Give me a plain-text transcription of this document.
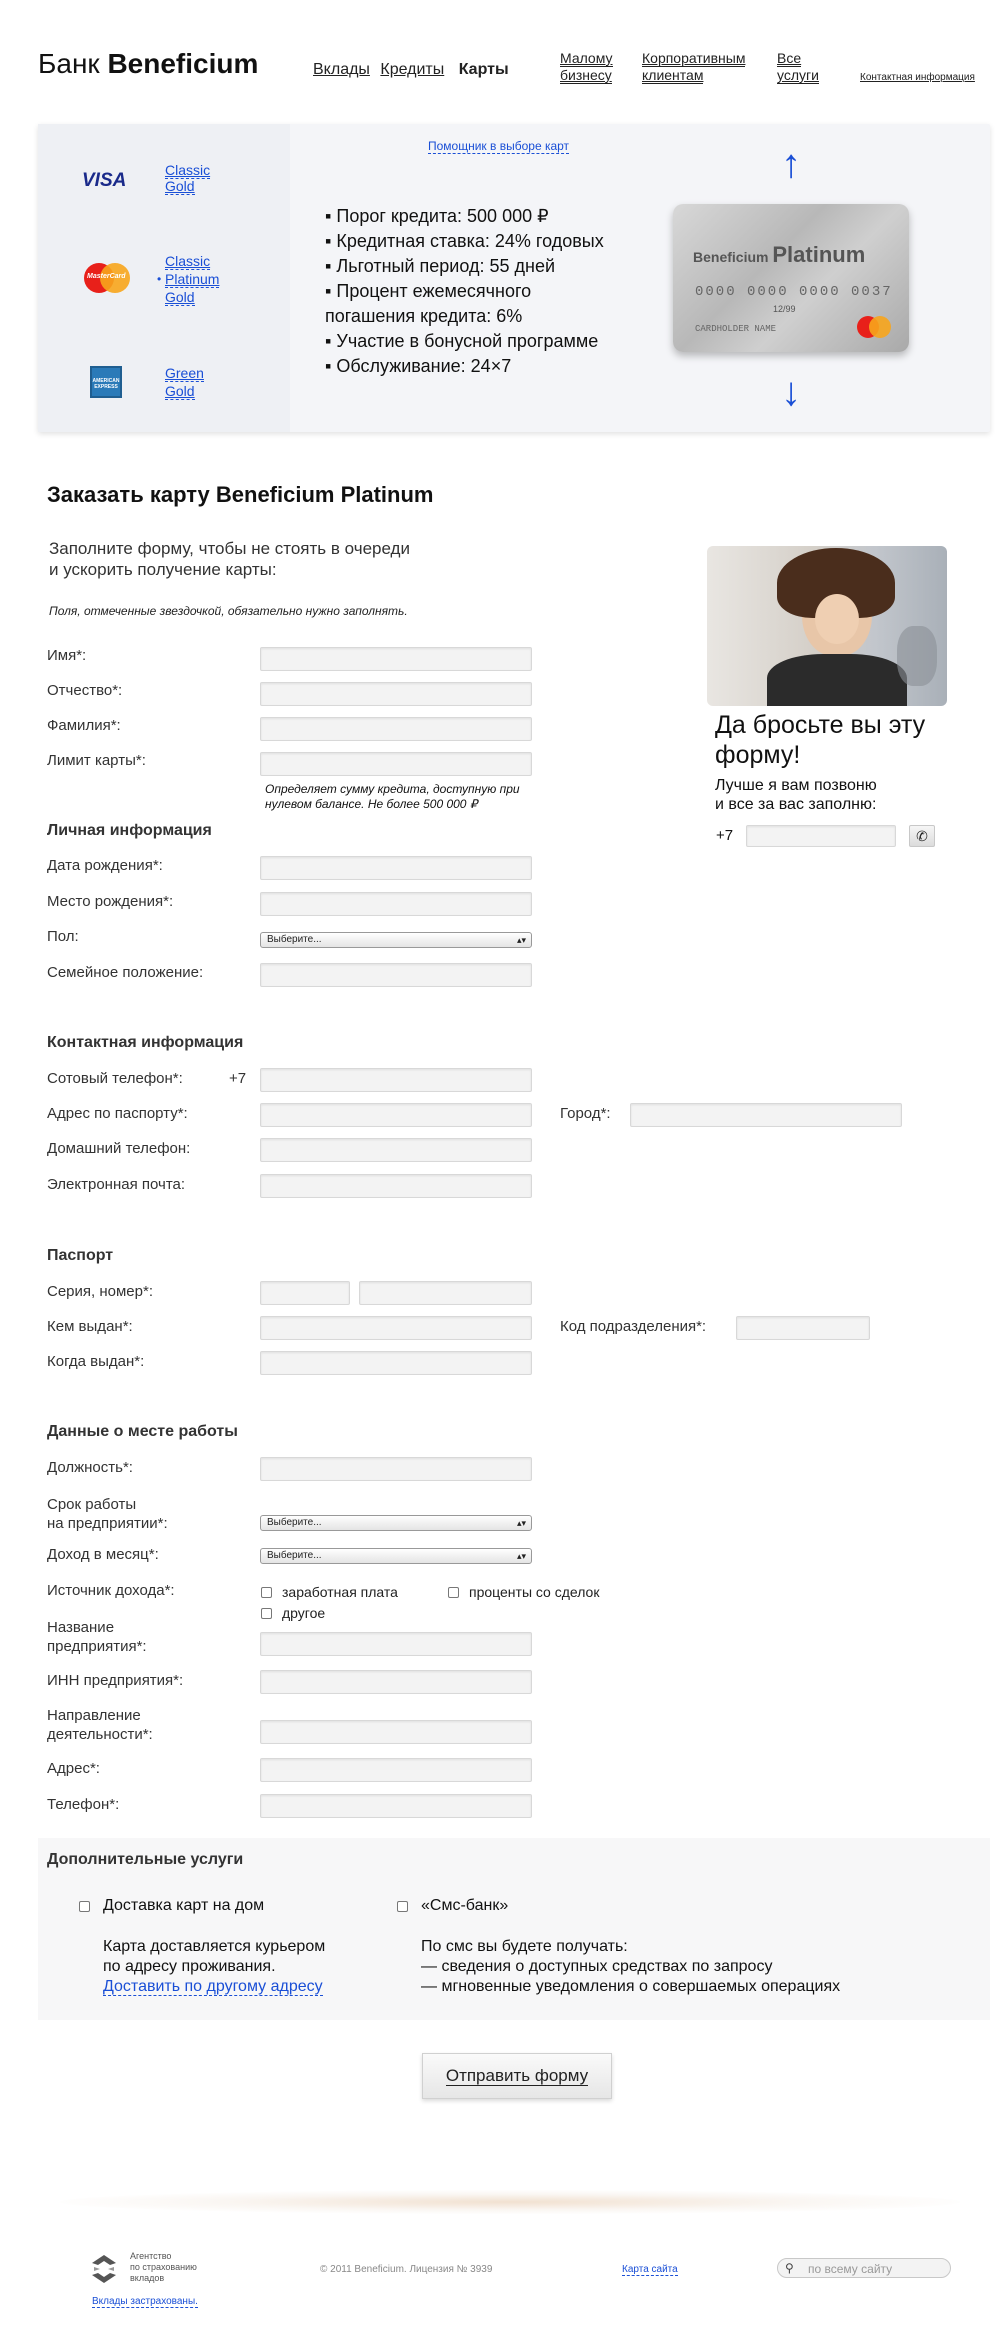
Банк Beneficium	Вклады Кредиты Карты
Малому
бизнесу
Корпоративным
клиентам
Все
услуги	Контактная информация
Помощник в выборе карт
VISA	Classic
Gold
MasterCard	•
Classic
Platinum
Gold
AMERICAN EXPRESS
Green
Gold
▪ Порог кредита: 500 000 ₽
▪ Кредитная ставка: 24% годовых
▪ Льготный период: 55 дней
▪ Процент ежемесячного
погашения кредита: 6%
▪ Участие в бонусной программе
▪ Обслуживание: 24×7
Beneficium Platinum
0000 0000 0000 0037
12/99
CARDHOLDER NAME
↑
↓
Заказать карту Beneficium Platinum
Заполните форму, чтобы не стоять в очереди
и ускорить получение карты:
Поля, отмеченные звездочкой, обязательно нужно заполнять.
Имя*:
Отчество*:
Фамилия*:
Лимит карты*:
Определяет сумму кредита, доступную при
нулевом балансе. Не более 500 000 ₽
Личная информация
Дата рождения*:
Место рождения*:
Пол:	Выберите...	▴▾
Семейное положение:
Контактная информация
Сотовый телефон*:	+7
Адрес по паспорту*:	Город*:
Домашний телефон:
Электронная почта:
Паспорт
Серия, номер*:
Кем выдан*:	Код подразделения*:
Когда выдан*:
Данные о месте работы
Должность*:
Срок работы
на предприятии*:	Выберите...	▴▾
Доход в месяц*:	Выберите...	▴▾
Источник дохода*:	заработная плата	проценты со сделок
другое
Название
предприятия*:
ИНН предприятия*:
Направление
деятельности*:
Адрес*:
Телефон*:
Дополнительные услуги
Доставка карт на дом
Карта доставляется курьером
по адресу проживания.
Доставить по другому адресу
«Смс-банк»
По смс вы будете получать:
— сведения о доступных средствах по запросу
— мгновенные уведомления о совершаемых операциях
Отправить форму
Да бросьте вы эту
форму!
Лучше я вам позвоню
и все за вас заполню:
+7	✆
Агентство
по страхованию
вкладов
Вклады застрахованы.
© 2011 Beneficium. Лицензия № 3939	Карта сайта	⚲ по всему сайту
